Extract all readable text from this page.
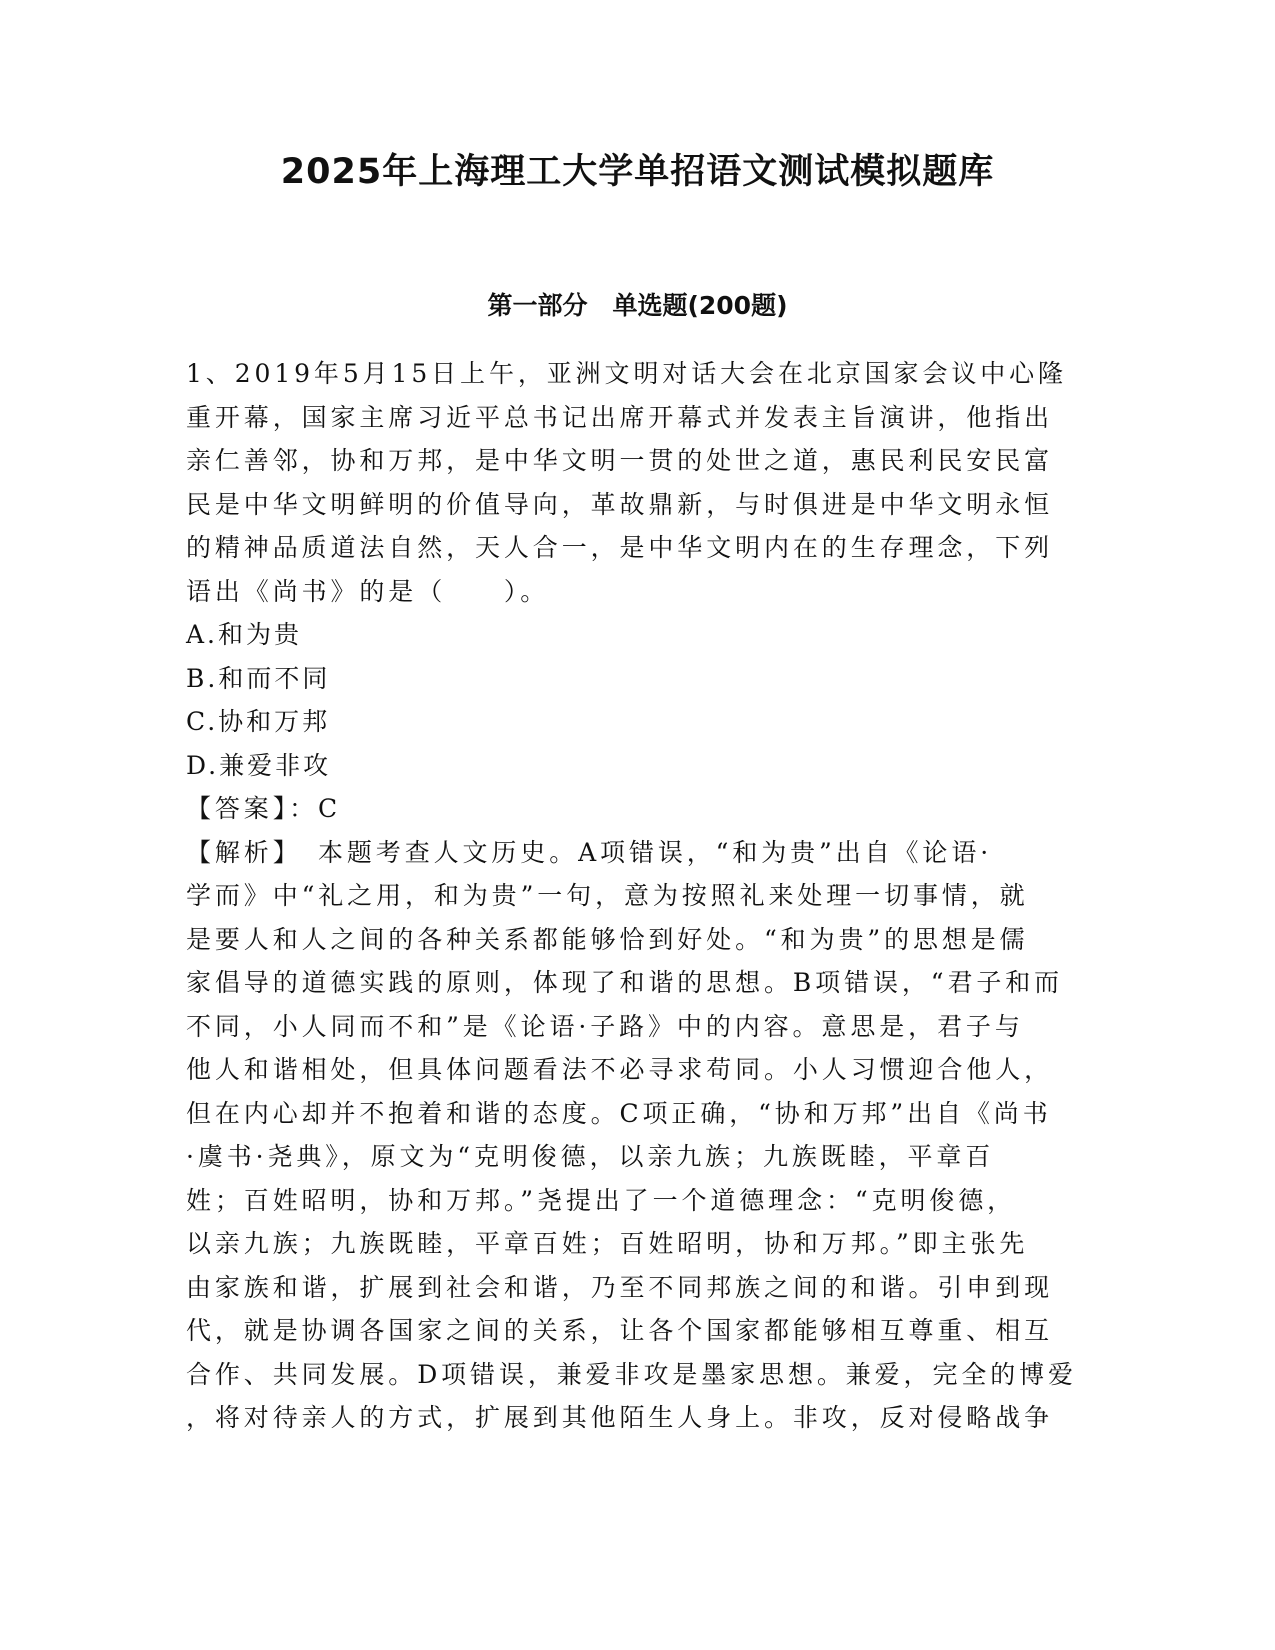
2025年上海理工大学单招语文测试模拟题库
第一部分　单选题(200题)
1、2019年5月15日上午，亚洲文明对话大会在北京国家会议中心隆
重开幕，国家主席习近平总书记出席开幕式并发表主旨演讲，他指出
亲仁善邻，协和万邦，是中华文明一贯的处世之道，惠民利民安民富
民是中华文明鲜明的价值导向，革故鼎新，与时俱进是中华文明永恒
的精神品质道法自然，天人合一，是中华文明内在的生存理念，下列
语出《尚书》的是（　　）。
A.和为贵
B.和而不同
C.协和万邦
D.兼爱非攻
【答案】：C
【解析】　本题考查人文历史。A项错误，“和为贵”出自《论语·
学而》中“礼之用，和为贵”一句，意为按照礼来处理一切事情，就
是要人和人之间的各种关系都能够恰到好处。“和为贵”的思想是儒
家倡导的道德实践的原则，体现了和谐的思想。B项错误，“君子和而
不同，小人同而不和”是《论语·子路》中的内容。意思是，君子与
他人和谐相处，但具体问题看法不必寻求苟同。小人习惯迎合他人，
但在内心却并不抱着和谐的态度。C项正确，“协和万邦”出自《尚书
·虞书·尧典》，原文为“克明俊德，以亲九族；九族既睦，平章百
姓；百姓昭明，协和万邦。”尧提出了一个道德理念：“克明俊德，
以亲九族；九族既睦，平章百姓；百姓昭明，协和万邦。”即主张先
由家族和谐，扩展到社会和谐，乃至不同邦族之间的和谐。引申到现
代，就是协调各国家之间的关系，让各个国家都能够相互尊重、相互
合作、共同发展。D项错误，兼爱非攻是墨家思想。兼爱，完全的博爱
，将对待亲人的方式，扩展到其他陌生人身上。非攻，反对侵略战争
